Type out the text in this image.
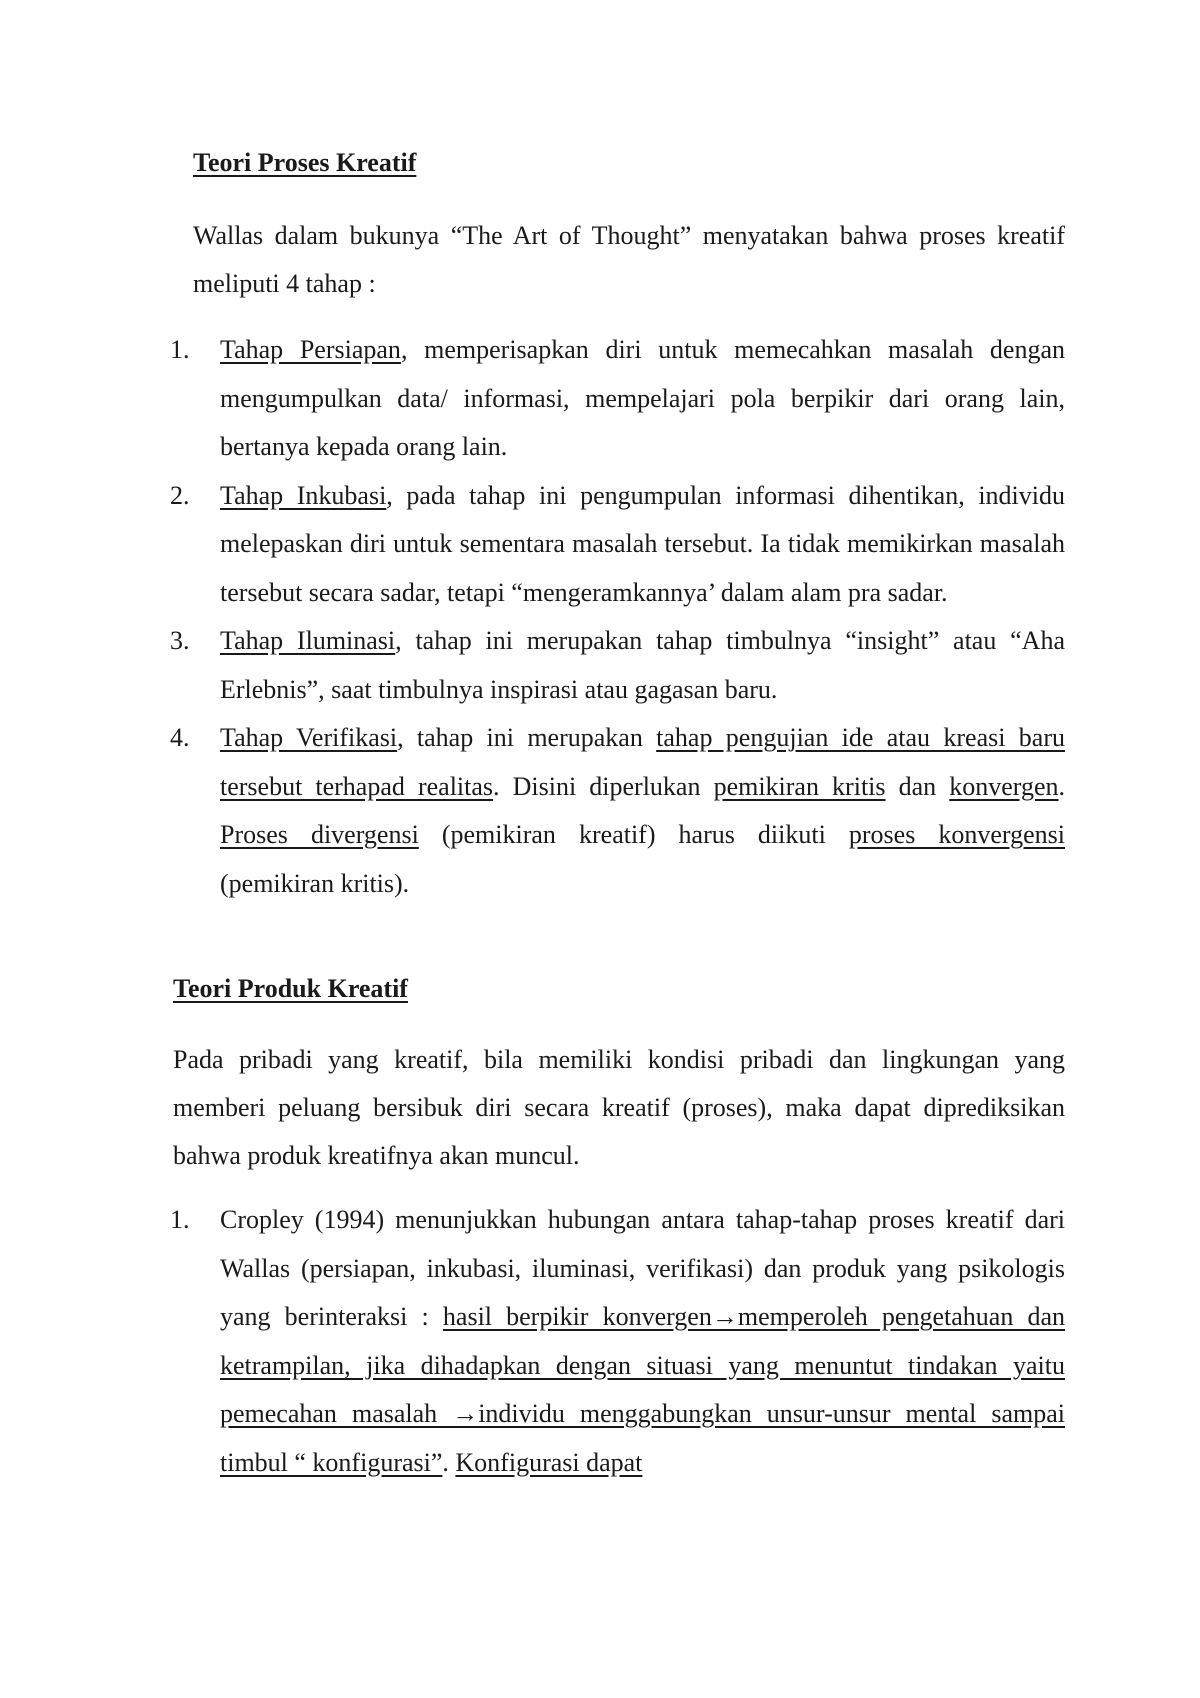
Teori Proses Kreatif

Wallas dalam bukunya “The Art of Thought” menyatakan bahwa proses kreatif meliputi 4 tahap :

1. Tahap Persiapan, memperisapkan diri untuk memecahkan masalah dengan mengumpulkan data/ informasi, mempelajari pola berpikir dari orang lain, bertanya kepada orang lain.
2. Tahap Inkubasi, pada tahap ini pengumpulan informasi dihentikan, individu melepaskan diri untuk sementara masalah tersebut. Ia tidak memikirkan masalah tersebut secara sadar, tetapi “mengeramkannya’ dalam alam pra sadar.
3. Tahap Iluminasi, tahap ini merupakan tahap timbulnya “insight” atau “Aha Erlebnis”, saat timbulnya inspirasi atau gagasan baru.
4. Tahap Verifikasi, tahap ini merupakan tahap pengujian ide atau kreasi baru tersebut terhapad realitas. Disini diperlukan pemikiran kritis dan konvergen. Proses divergensi (pemikiran kreatif) harus diikuti proses konvergensi (pemikiran kritis).
Teori Produk Kreatif

Pada pribadi yang kreatif, bila memiliki kondisi pribadi dan lingkungan yang memberi peluang bersibuk diri secara kreatif (proses), maka dapat diprediksikan bahwa produk kreatifnya akan muncul.

1. Cropley (1994) menunjukkan hubungan antara tahap-tahap proses kreatif dari Wallas (persiapan, inkubasi, iluminasi, verifikasi) dan produk yang psikologis yang berinteraksi : hasil berpikir konvergen→memperoleh pengetahuan dan ketrampilan, jika dihadapkan dengan situasi yang menuntut tindakan yaitu pemecahan masalah →individu menggabungkan unsur-unsur mental sampai timbul “ konfigurasi”. Konfigurasi dapat
